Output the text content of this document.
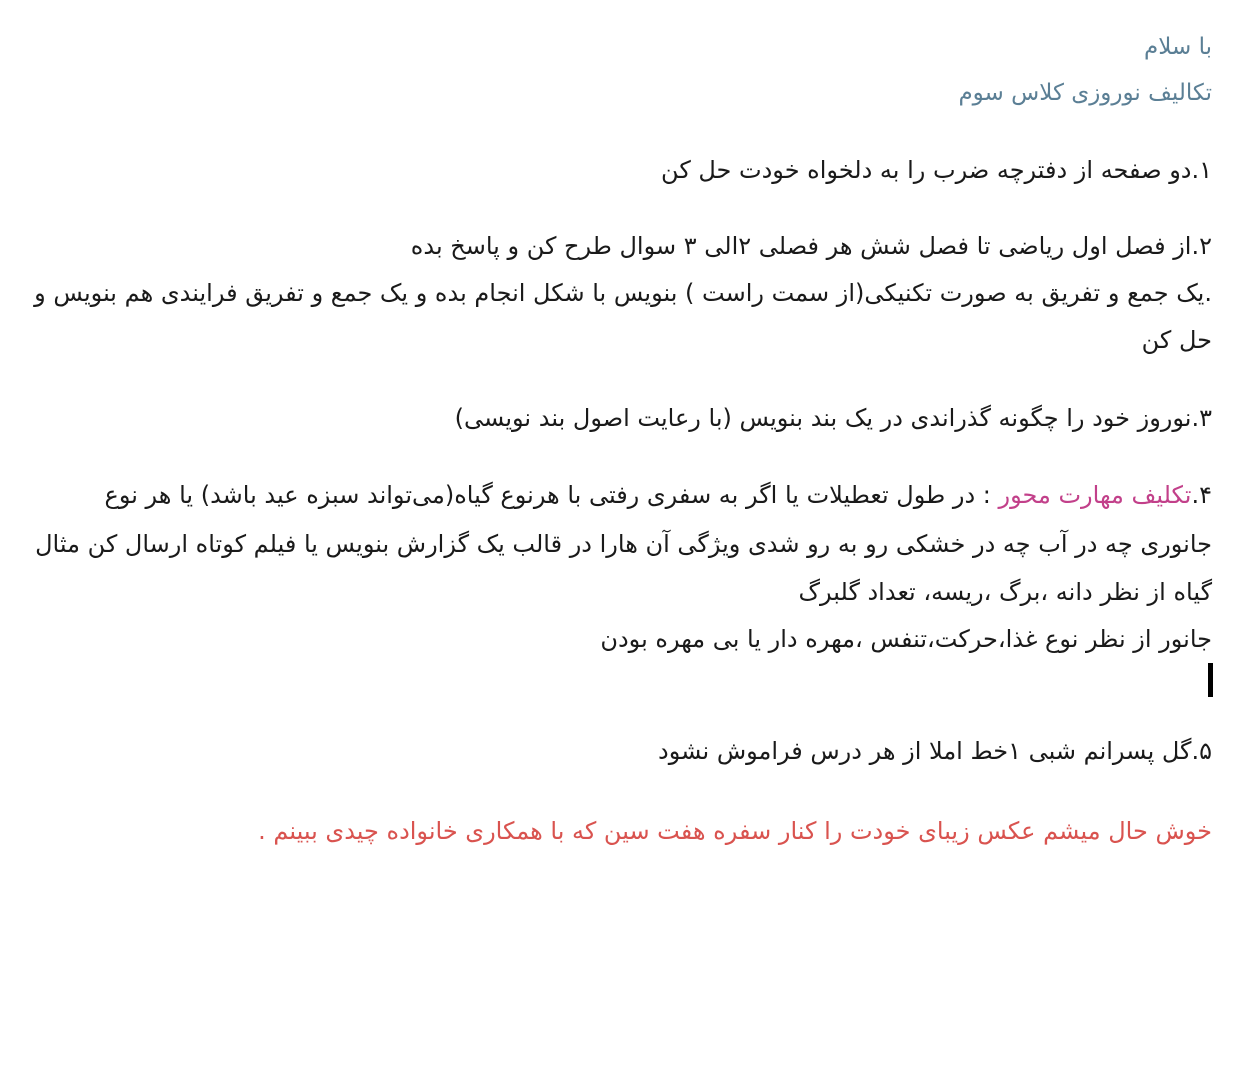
با سلام
تکالیف نوروزی کلاس سوم
۱.دو صفحه از دفترچه ضرب را به دلخواه خودت حل کن
۲.از فصل اول ریاضی تا فصل شش هر فصلی ۲الی ۳ سوال طرح کن و پاسخ بده
.یک جمع و تفریق به صورت تکنیکی(از سمت راست ) بنویس با شکل انجام بده و یک جمع و تفریق فرایندی هم بنویس و
حل کن
۳.نوروز خود را چگونه گذراندی در یک بند بنویس (با رعایت اصول بند نویسی)
۴.تکلیف مهارت محور : در طول تعطیلات یا اگر به سفری رفتی با هرنوع گیاه(می‌تواند سبزه عید باشد) یا هر نوع
جانوری چه در آب چه در خشکی رو به رو شدی ویژگی آن هارا در قالب یک گزارش بنویس یا فیلم کوتاه ارسال کن مثال
گیاه از نظر دانه ،برگ ،ریسه، تعداد گلبرگ
جانور از نظر نوع غذا،حرکت،تنفس ،مهره دار یا بی مهره بودن
۵.گل پسرانم شبی ۱خط املا از هر درس فراموش نشود
خوش حال میشم عکس زیبای خودت را کنار سفره هفت سین که با همکاری خانواده چیدی ببینم .
